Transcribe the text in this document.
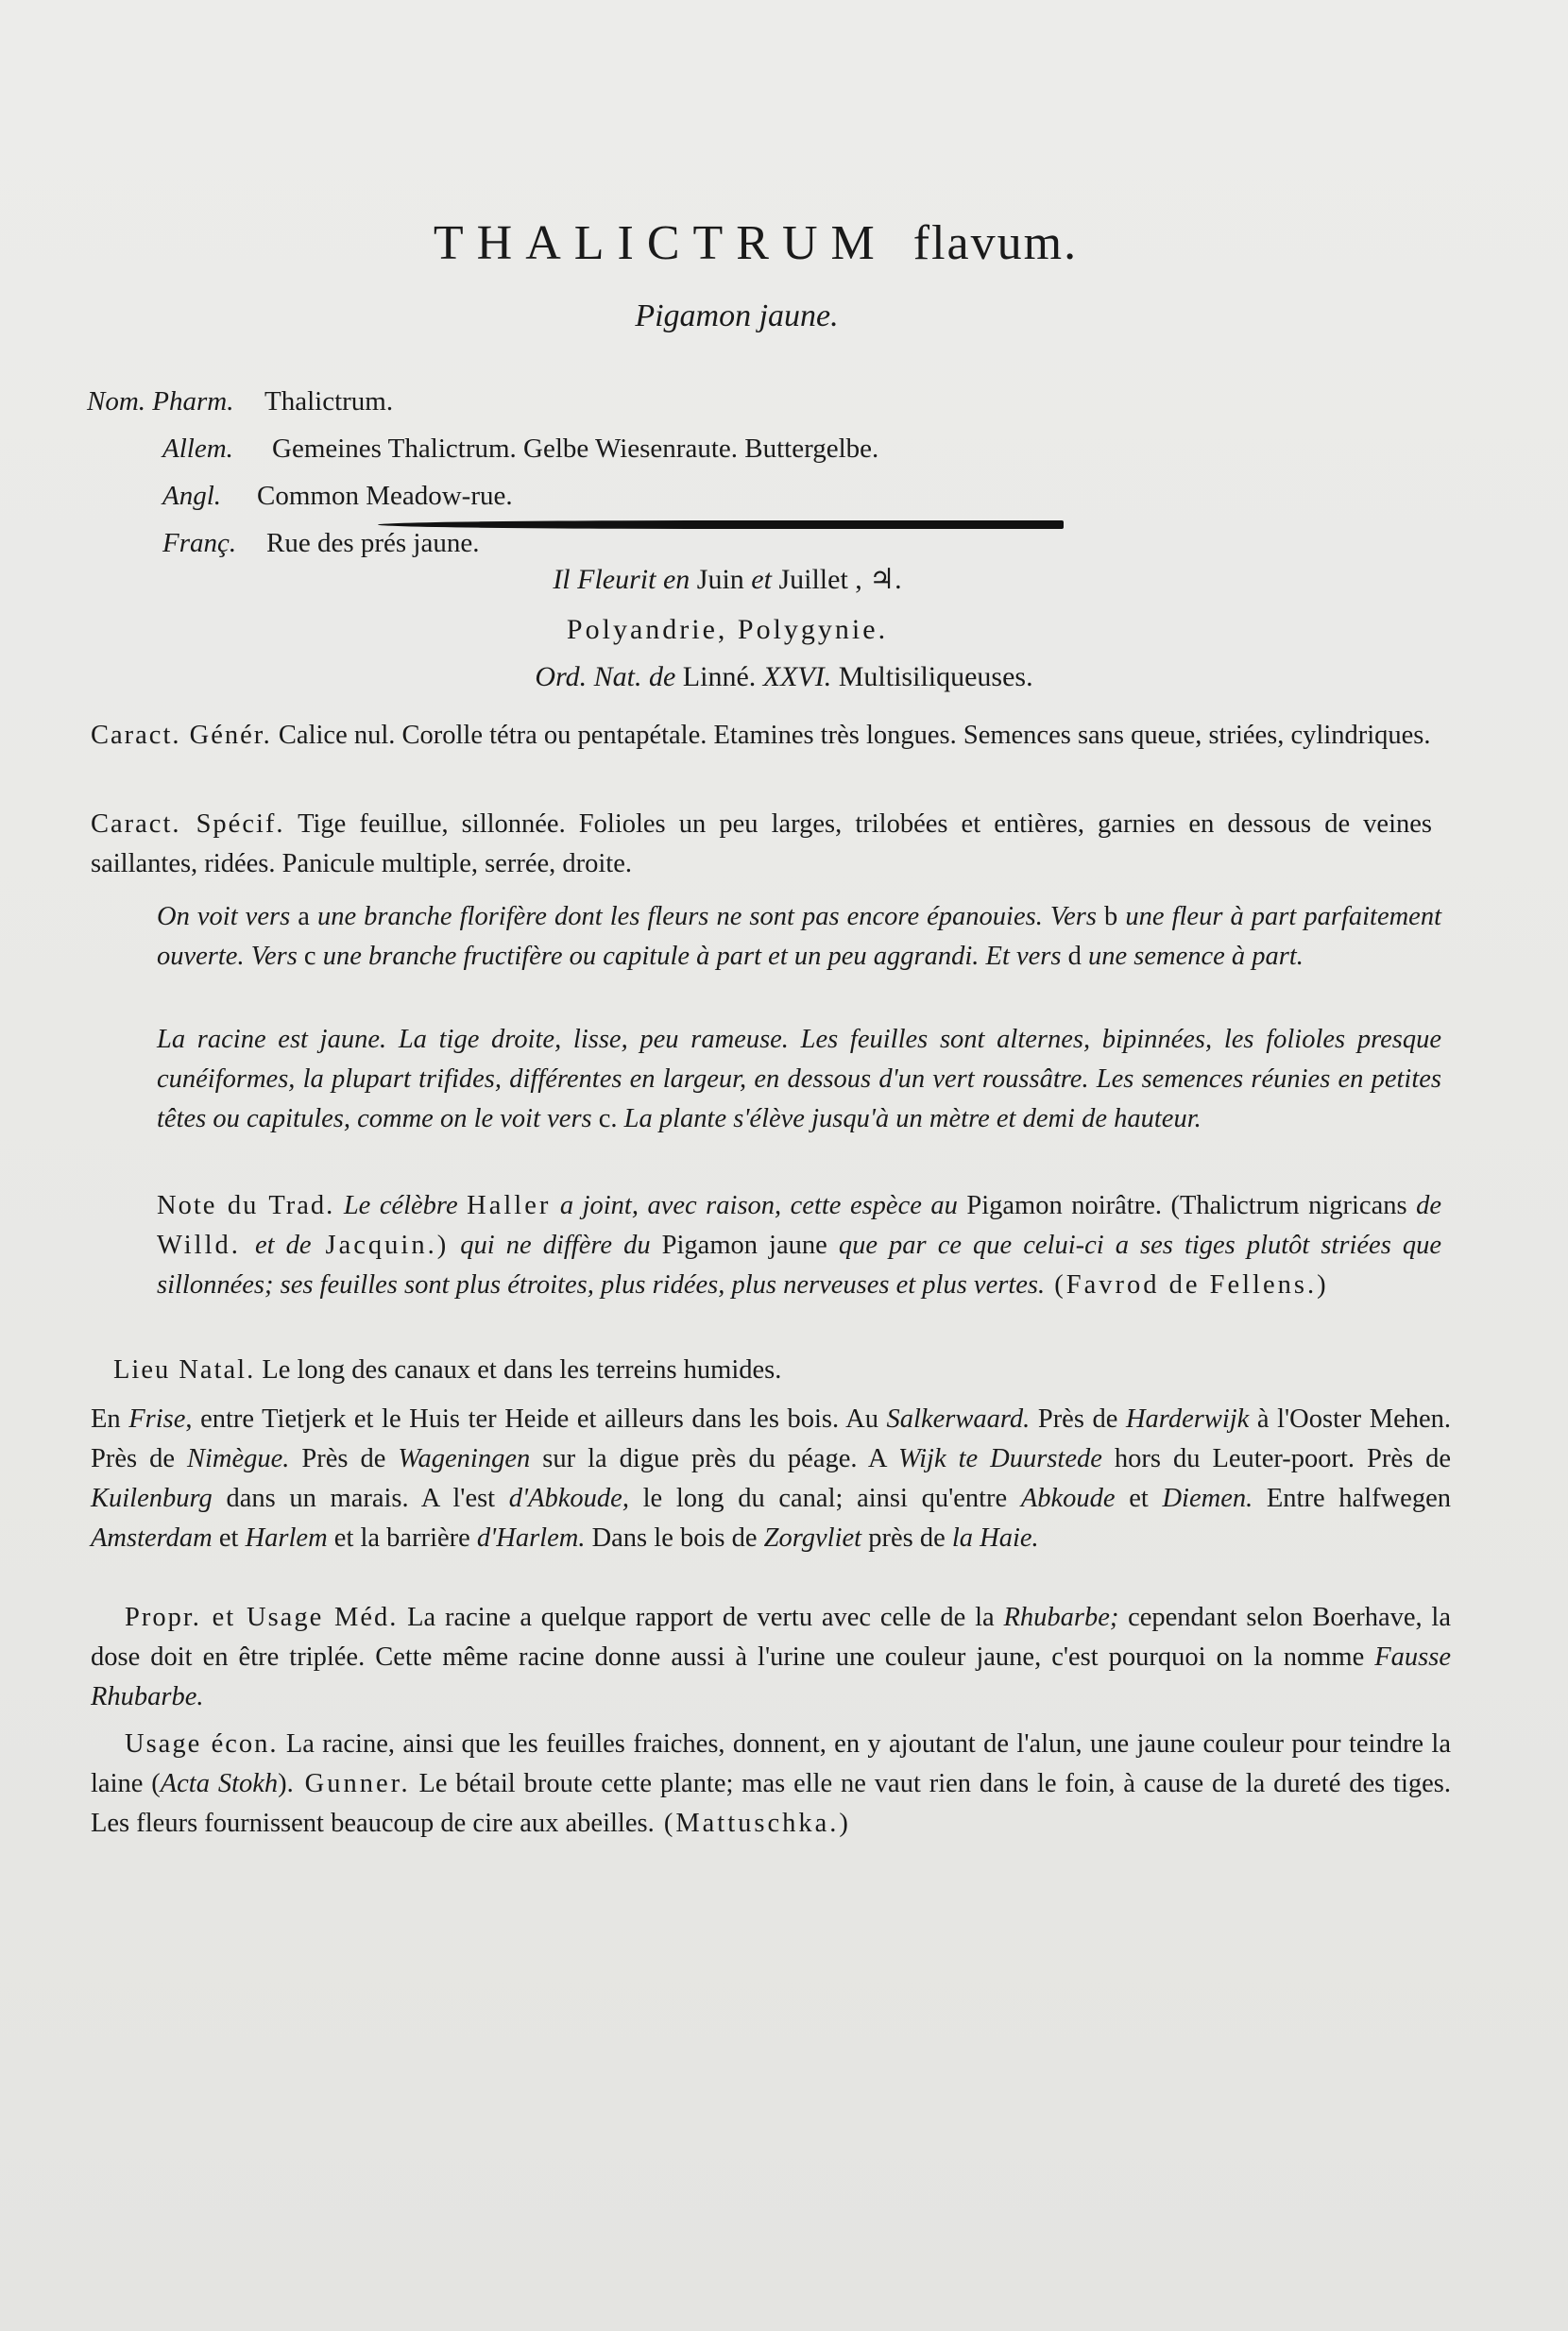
THALICTRUM flavum.
Pigamon jaune.
Nom. Pharm. Thalictrum.
Allem. Gemeines Thalictrum. Gelbe Wiesenraute. Buttergelbe.
Angl. Common Meadow-rue.
Franç. Rue des prés jaune.
Il Fleurit en Juin et Juillet , ♃.
Polyandrie, Polygynie.
Ord. Nat. de Linné. XXVI. Multisiliqueuses.
Caract. Génér. Calice nul. Corolle tétra ou pentapétale. Etamines très longues. Semences sans queue, striées, cylindriques.
Caract. Spécif. Tige feuillue, sillonnée. Folioles un peu larges, trilobées et entières, garnies en dessous de veines saillantes, ridées. Panicule multiple, serrée, droite.
On voit vers a une branche florifère dont les fleurs ne sont pas encore épanouies. Vers b une fleur à part parfaitement ouverte. Vers c une branche fructifère ou capitule à part et un peu aggrandi. Et vers d une semence à part.
La racine est jaune. La tige droite, lisse, peu rameuse. Les feuilles sont alternes, bipinnées, les folioles presque cunéiformes, la plupart trifides, différentes en largeur, en dessous d'un vert roussâtre. Les semences réunies en petites têtes ou capitules, comme on le voit vers c. La plante s'élève jusqu'à un mètre et demi de hauteur.
Note du Trad. Le célèbre Haller a joint, avec raison, cette espèce au Pigamon noirâtre. (Thalictrum nigricans de Willd. et de Jacquin.) qui ne diffère du Pigamon jaune que par ce que celui-ci a ses tiges plutôt striées que sillonnées; ses feuilles sont plus étroites, plus ridées, plus nerveuses et plus vertes. (Favrod de Fellens.)
Lieu Natal. Le long des canaux et dans les terreins humides.
En Frise, entre Tietjerk et le Huis ter Heide et ailleurs dans les bois. Au Salkerwaard. Près de Harderwijk à l'Ooster Mehen. Près de Nimègue. Près de Wageningen sur la digue près du péage. A Wijk te Duurstede hors du Leuter-poort. Près de Kuilenburg dans un marais. A l'est d'Abkoude, le long du canal; ainsi qu'entre Abkoude et Diemen. Entre halfwegen Amsterdam et Harlem et la barrière d'Harlem. Dans le bois de Zorgvliet près de la Haie.
Propr. et Usage Méd. La racine a quelque rapport de vertu avec celle de la Rhubarbe; cependant selon Boerhave, la dose doit en être triplée. Cette même racine donne aussi à l'urine une couleur jaune, c'est pourquoi on la nomme Fausse Rhubarbe.
Usage écon. La racine, ainsi que les feuilles fraiches, donnent, en y ajoutant de l'alun, une jaune couleur pour teindre la laine (Acta Stokh). Gunner. Le bétail broute cette plante; mas elle ne vaut rien dans le foin, à cause de la dureté des tiges. Les fleurs fournissent beaucoup de cire aux abeilles. (Mattuschka.)
